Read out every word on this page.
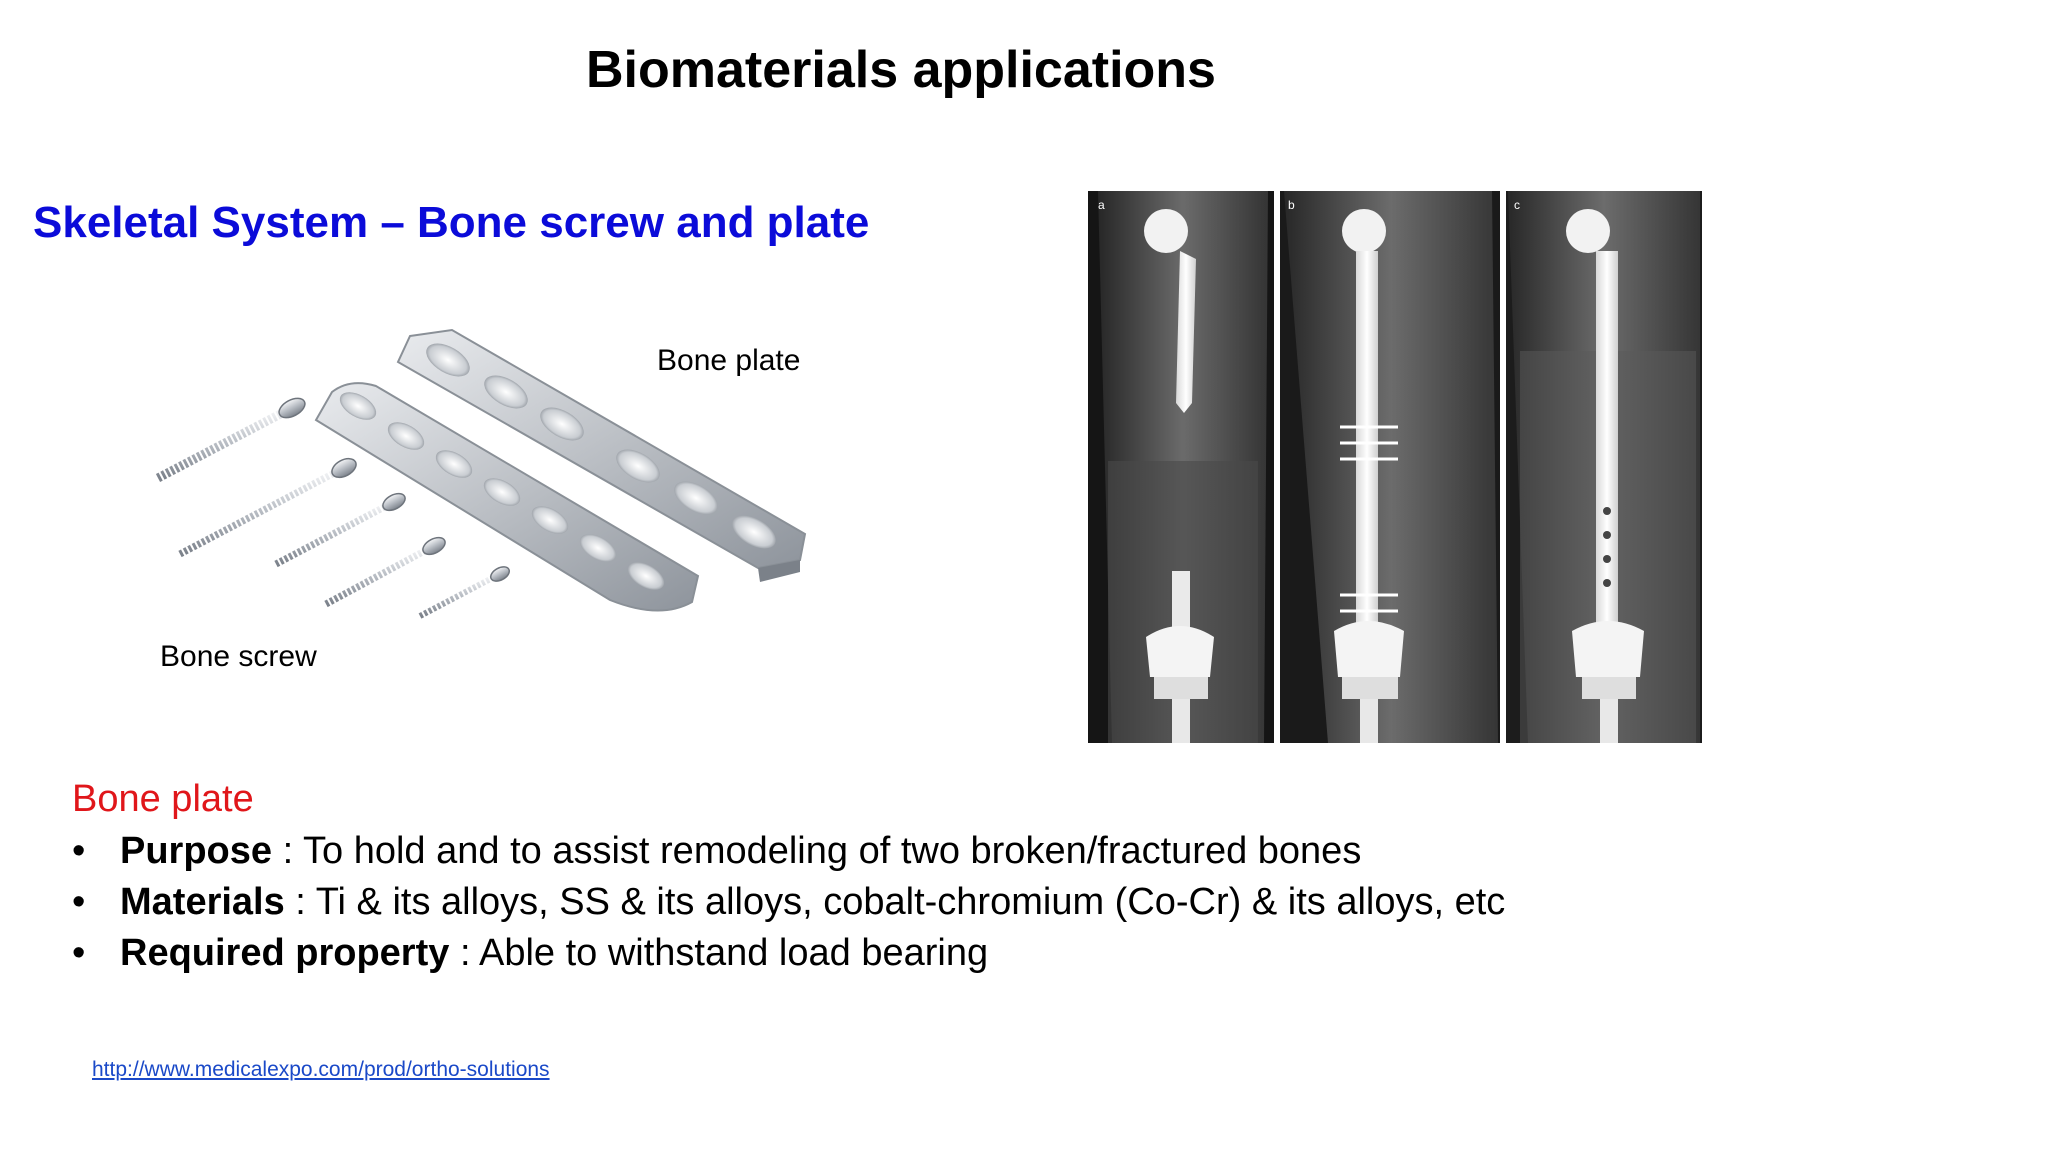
Biomaterials applications
Skeletal System – Bone screw and plate
Bone plate
Bone screw
a	b	c
Bone plate
• Purpose : To hold and to assist remodeling of two broken/fractured bones
• Materials : Ti & its alloys, SS & its alloys, cobalt-chromium (Co-Cr) & its alloys, etc
• Required property : Able to withstand load bearing
http://www.medicalexpo.com/prod/ortho-solutions
